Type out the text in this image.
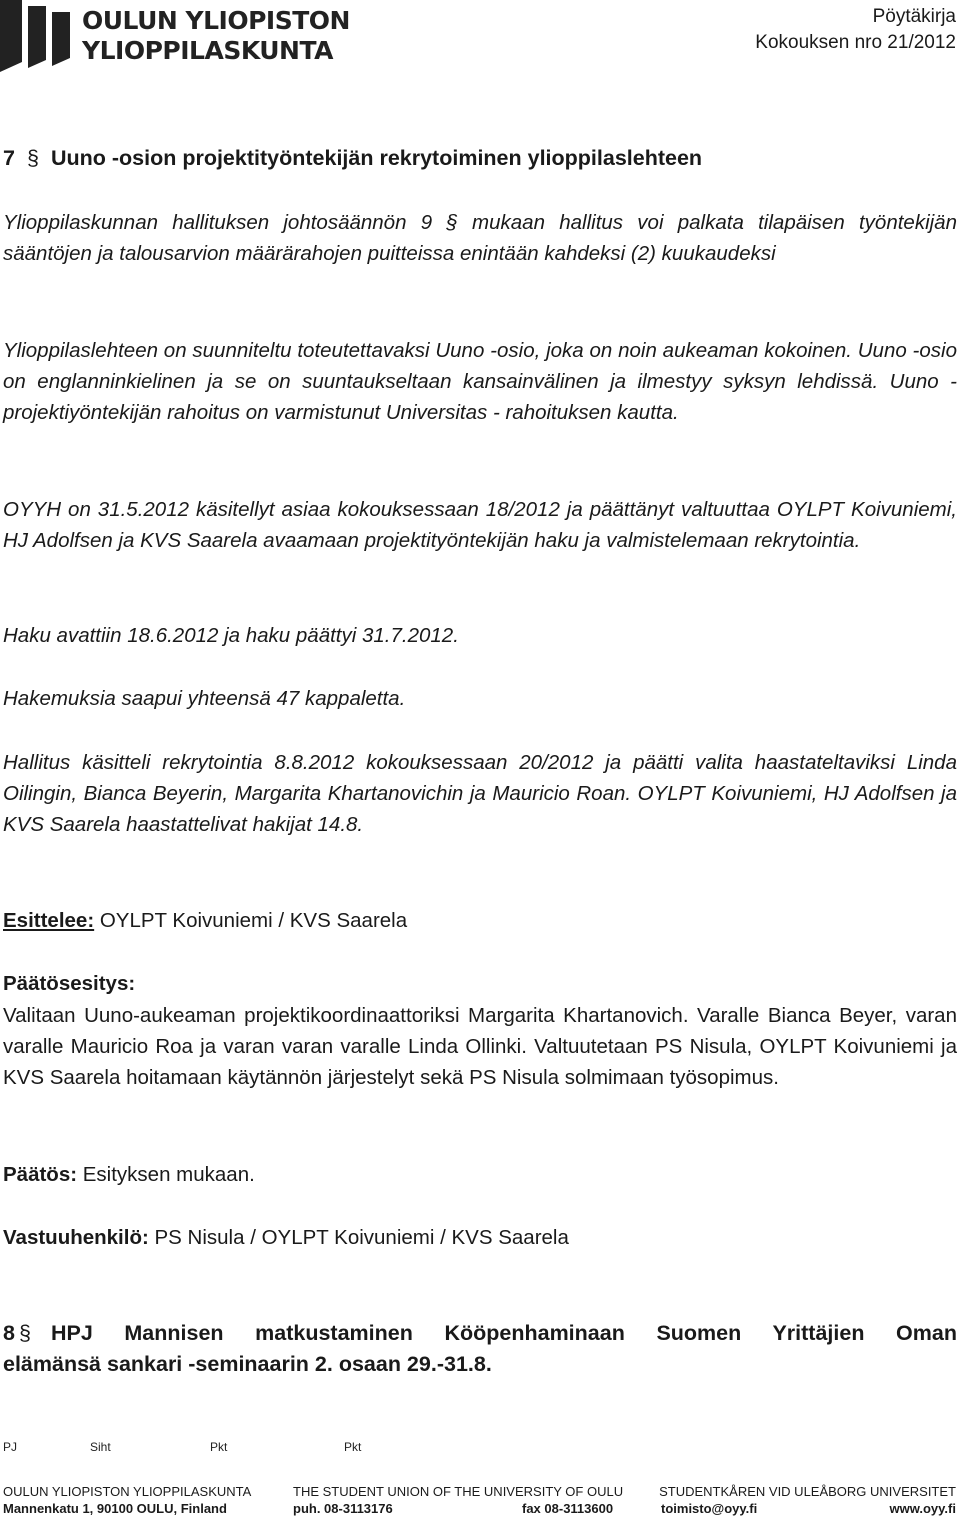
OULUN YLIOPISTON
YLIOPPILASKUNTA
Pöytäkirja
Kokouksen nro 21/2012
7 § Uuno -osion projektityöntekijän rekrytoiminen ylioppilaslehteen

Ylioppilaskunnan hallituksen johtosäännön 9 § mukaan hallitus voi palkata tilapäisen työntekijän sääntöjen ja talousarvion määrärahojen puitteissa enintään kahdeksi (2) kuukaudeksi

Ylioppilaslehteen on suunniteltu toteutettavaksi Uuno -osio, joka on noin aukeaman kokoinen. Uuno -osio on englanninkielinen ja se on suuntaukseltaan kansainvälinen ja ilmestyy syksyn lehdissä. Uuno -projektiyöntekijän rahoitus on varmistunut Universitas - rahoituksen kautta.

OYYH on 31.5.2012 käsitellyt asiaa kokouksessaan 18/2012 ja päättänyt valtuuttaa OYLPT Koivuniemi, HJ Adolfsen ja KVS Saarela avaamaan projektityöntekijän haku ja valmistelemaan rekrytointia.

Haku avattiin 18.6.2012 ja haku päättyi 31.7.2012.

Hakemuksia saapui yhteensä 47 kappaletta.

Hallitus käsitteli rekrytointia 8.8.2012 kokouksessaan 20/2012 ja päätti valita haastateltaviksi Linda Oilingin, Bianca Beyerin, Margarita Khartanovichin ja Mauricio Roan. OYLPT Koivuniemi, HJ Adolfsen ja KVS Saarela haastattelivat hakijat 14.8.

Esittelee: OYLPT Koivuniemi / KVS Saarela

Päätösesitys:

Valitaan Uuno-aukeaman projektikoordinaattoriksi Margarita Khartanovich. Varalle Bianca Beyer, varan varalle Mauricio Roa ja varan varan varalle Linda Ollinki. Valtuutetaan PS Nisula, OYLPT Koivuniemi ja KVS Saarela hoitamaan käytännön järjestelyt sekä PS Nisula solmimaan työsopimus.

Päätös: Esityksen mukaan.

Vastuuhenkilö: PS Nisula / OYLPT Koivuniemi / KVS Saarela

8 § HPJ Mannisen matkustaminen Kööpenhaminaan Suomen Yrittäjien Oman
elämänsä sankari -seminaarin 2. osaan 29.-31.8.
PJ	Siht	Pkt	Pkt
OULUN YLIOPISTON YLIOPPILASKUNTA	THE STUDENT UNION OF THE UNIVERSITY OF OULU	STUDENTKÅREN VID ULEÅBORG UNIVERSITET
Mannenkatu 1, 90100 OULU, Finland	puh. 08-3113176	fax 08-3113600	toimisto@oyy.fi	www.oyy.fi
